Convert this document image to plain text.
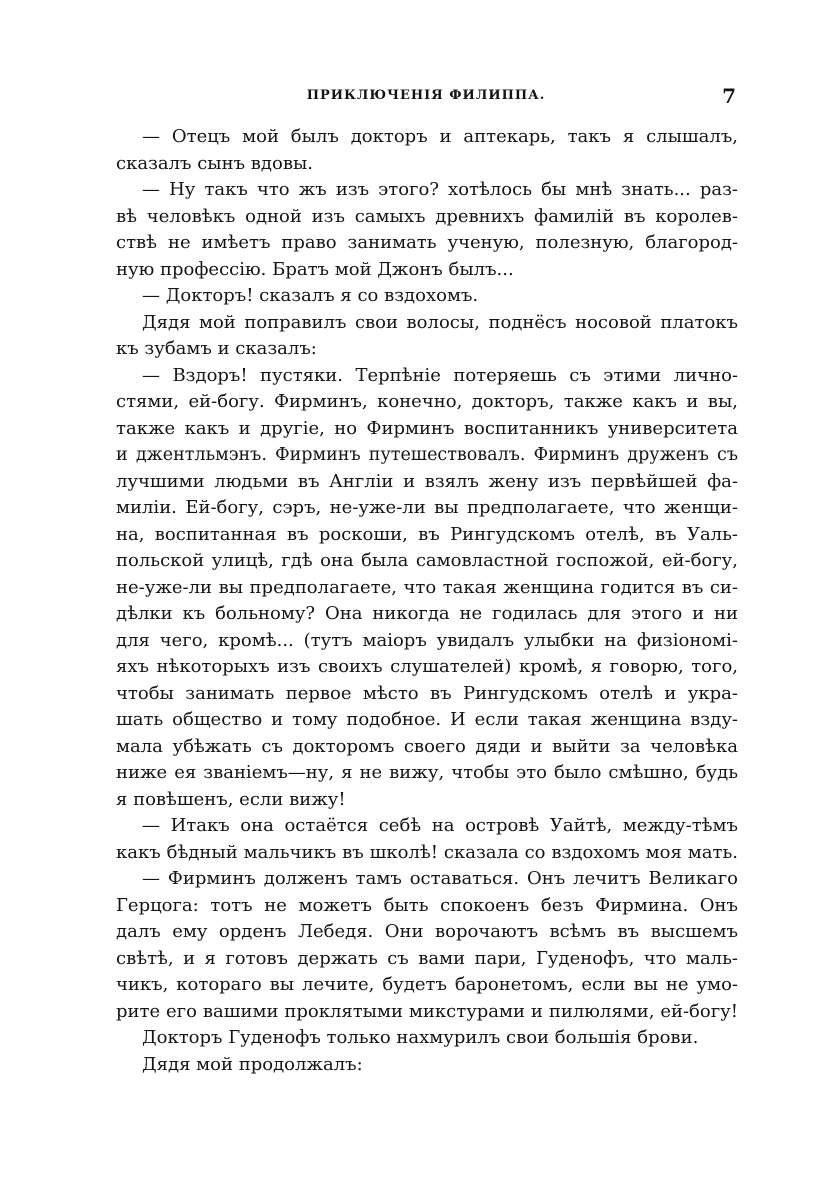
ПРИКЛЮЧЕНІЯ ФИЛИППА.	7
— Отецъ мой былъ докторъ и аптекарь, такъ я слышалъ,
сказалъ сынъ вдовы.
— Ну такъ что жъ изъ этого? хотѣлось бы мнѣ знать... раз-
вѣ человѣкъ одной изъ самыхъ древнихъ фамилій въ королев-
ствѣ не имѣетъ право занимать ученую, полезную, благород-
ную профессію. Братъ мой Джонъ былъ...
— Докторъ! сказалъ я со вздохомъ.
Дядя мой поправилъ свои волосы, поднёсъ носовой платокъ
къ зубамъ и сказалъ:
— Вздоръ! пустяки. Терпѣніе потеряешь съ этими лично-
стями, ей-богу. Фирминъ, конечно, докторъ, также какъ и вы,
также какъ и другіе, но Фирминъ воспитанникъ университета
и джентльмэнъ. Фирминъ путешествовалъ. Фирминъ друженъ съ
лучшими людьми въ Англіи и взялъ жену изъ первѣйшей фа-
миліи. Ей-богу, сэръ, не-уже-ли вы предполагаете, что женщи-
на, воспитанная въ роскоши, въ Рингудскомъ отелѣ, въ Уаль-
польской улицѣ, гдѣ она была самовластной госпожой, ей-богу,
не-уже-ли вы предполагаете, что такая женщина годится въ си-
дѣлки къ больному? Она никогда не годилась для этого и ни
для чего, кромѣ... (тутъ маіоръ увидалъ улыбки на физіономі-
яхъ нѣкоторыхъ изъ своихъ слушателей) кромѣ, я говорю, того,
чтобы занимать первое мѣсто въ Рингудскомъ отелѣ и укра-
шать общество и тому подобное. И если такая женщина взду-
мала убѣжать съ докторомъ своего дяди и выйти за человѣка
ниже ея званіемъ—ну, я не вижу, чтобы это было смѣшно, будь
я повѣшенъ, если вижу!
— Итакъ она остаётся себѣ на островѣ Уайтѣ, между-тѣмъ
какъ бѣдный мальчикъ въ школѣ! сказала со вздохомъ моя мать.
— Фирминъ долженъ тамъ оставаться. Онъ лечитъ Великаго
Герцога: тотъ не можетъ быть спокоенъ безъ Фирмина. Онъ
далъ ему орденъ Лебедя. Они ворочаютъ всѣмъ въ высшемъ
свѣтѣ, и я готовъ держать съ вами пари, Гуденофъ, что маль-
чикъ, котораго вы лечите, будетъ баронетомъ, если вы не умо-
рите его вашими проклятыми микстурами и пилюлями, ей-богу!
Докторъ Гуденофъ только нахмурилъ свои большія брови.
Дядя мой продолжалъ:
